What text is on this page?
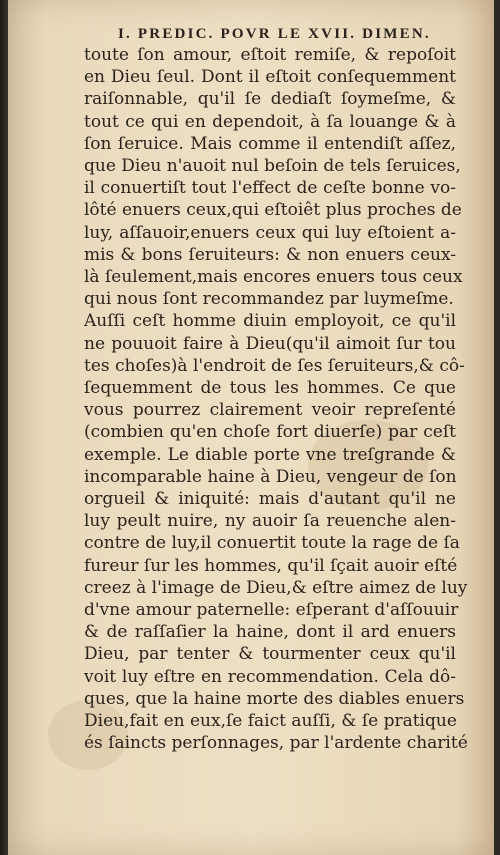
I. PREDIC. POVR LE XVII. DIMEN.
toute ſon amour, eſtoit remiſe, & repoſoit
en Dieu ſeul. Dont il eſtoit conſequemment
raiſonnable, qu'il ſe dediaſt ſoymeſme, &
tout ce qui en dependoit, à ſa louange & à
ſon ſeruice. Mais comme il entendiſt aſſez,
que Dieu n'auoit nul beſoin de tels ſeruices,
il conuertiſt tout l'effect de ceſte bonne vo-
lôté enuers ceux,qui eſtoiêt plus proches de
luy, aſſauoir,enuers ceux qui luy eſtoient a-
mis & bons ſeruiteurs: & non enuers ceux-
là ſeulement,mais encores enuers tous ceux
qui nous ſont recommandez par luymeſme.
Auſſi ceſt homme diuin employoit, ce qu'il
ne pouuoit faire à Dieu(qu'il aimoit ſur tou
tes choſes)à l'endroit de ſes ſeruiteurs,& cô-
ſequemment de tous les hommes. Ce que
vous pourrez clairement veoir repreſenté
(combien qu'en choſe fort diuerſe) par ceſt
exemple. Le diable porte vne treſgrande &
incomparable haine à Dieu, vengeur de ſon
orgueil & iniquité: mais d'autant qu'il ne
luy peult nuire, ny auoir ſa reuenche alen-
contre de luy,il conuertit toute la rage de ſa
fureur ſur les hommes, qu'il ſçait auoir eſté
creez à l'image de Dieu,& eſtre aimez de luy
d'vne amour paternelle: eſperant d'aſſouuir
& de raſſaſier la haine, dont il ard enuers
Dieu, par tenter & tourmenter ceux qu'il
voit luy eſtre en recommendation. Cela dô-
ques, que la haine morte des diables enuers
Dieu,fait en eux,ſe faict auſſi, & ſe pratique
és ſaincts perſonnages, par l'ardente charité
